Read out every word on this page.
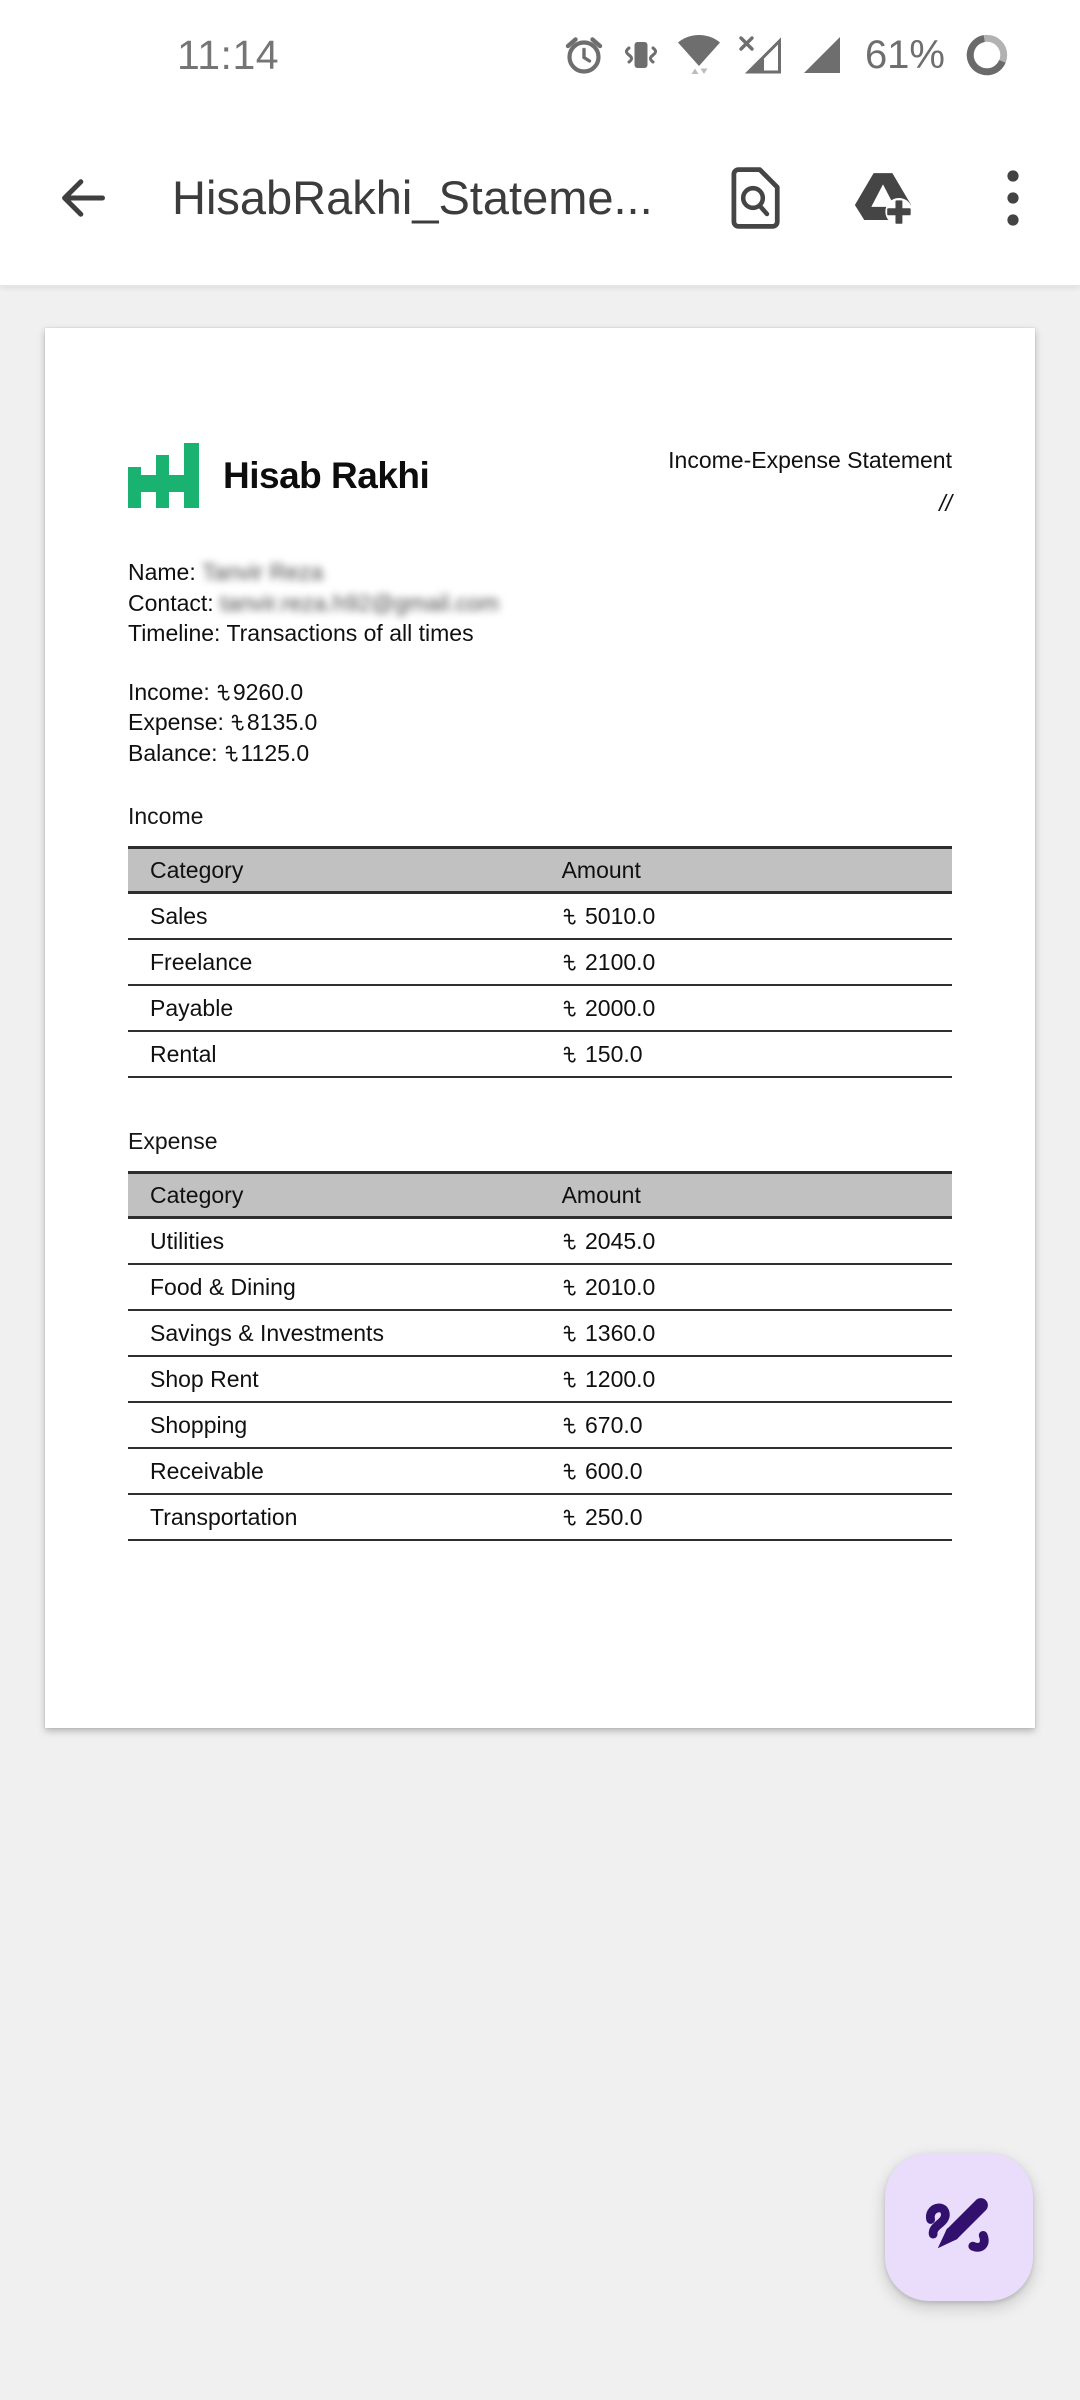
11:14	61%
HisabRakhi_Stateme...
Hisab Rakhi	Income-Expense Statement
//

Name: Tanvir Reza

Contact: tanvir.reza.h92@gmail.com

Timeline: Transactions of all times

Income: 9260.0

Expense: 8135.0

Balance: 1125.0

Income

Category	Amount
Sales	5010.0
Freelance	2100.0
Payable	2000.0
Rental	150.0

Expense

Category	Amount
Utilities	2045.0
Food & Dining	2010.0
Savings & Investments	1360.0
Shop Rent	1200.0
Shopping	670.0
Receivable	600.0
Transportation	250.0
